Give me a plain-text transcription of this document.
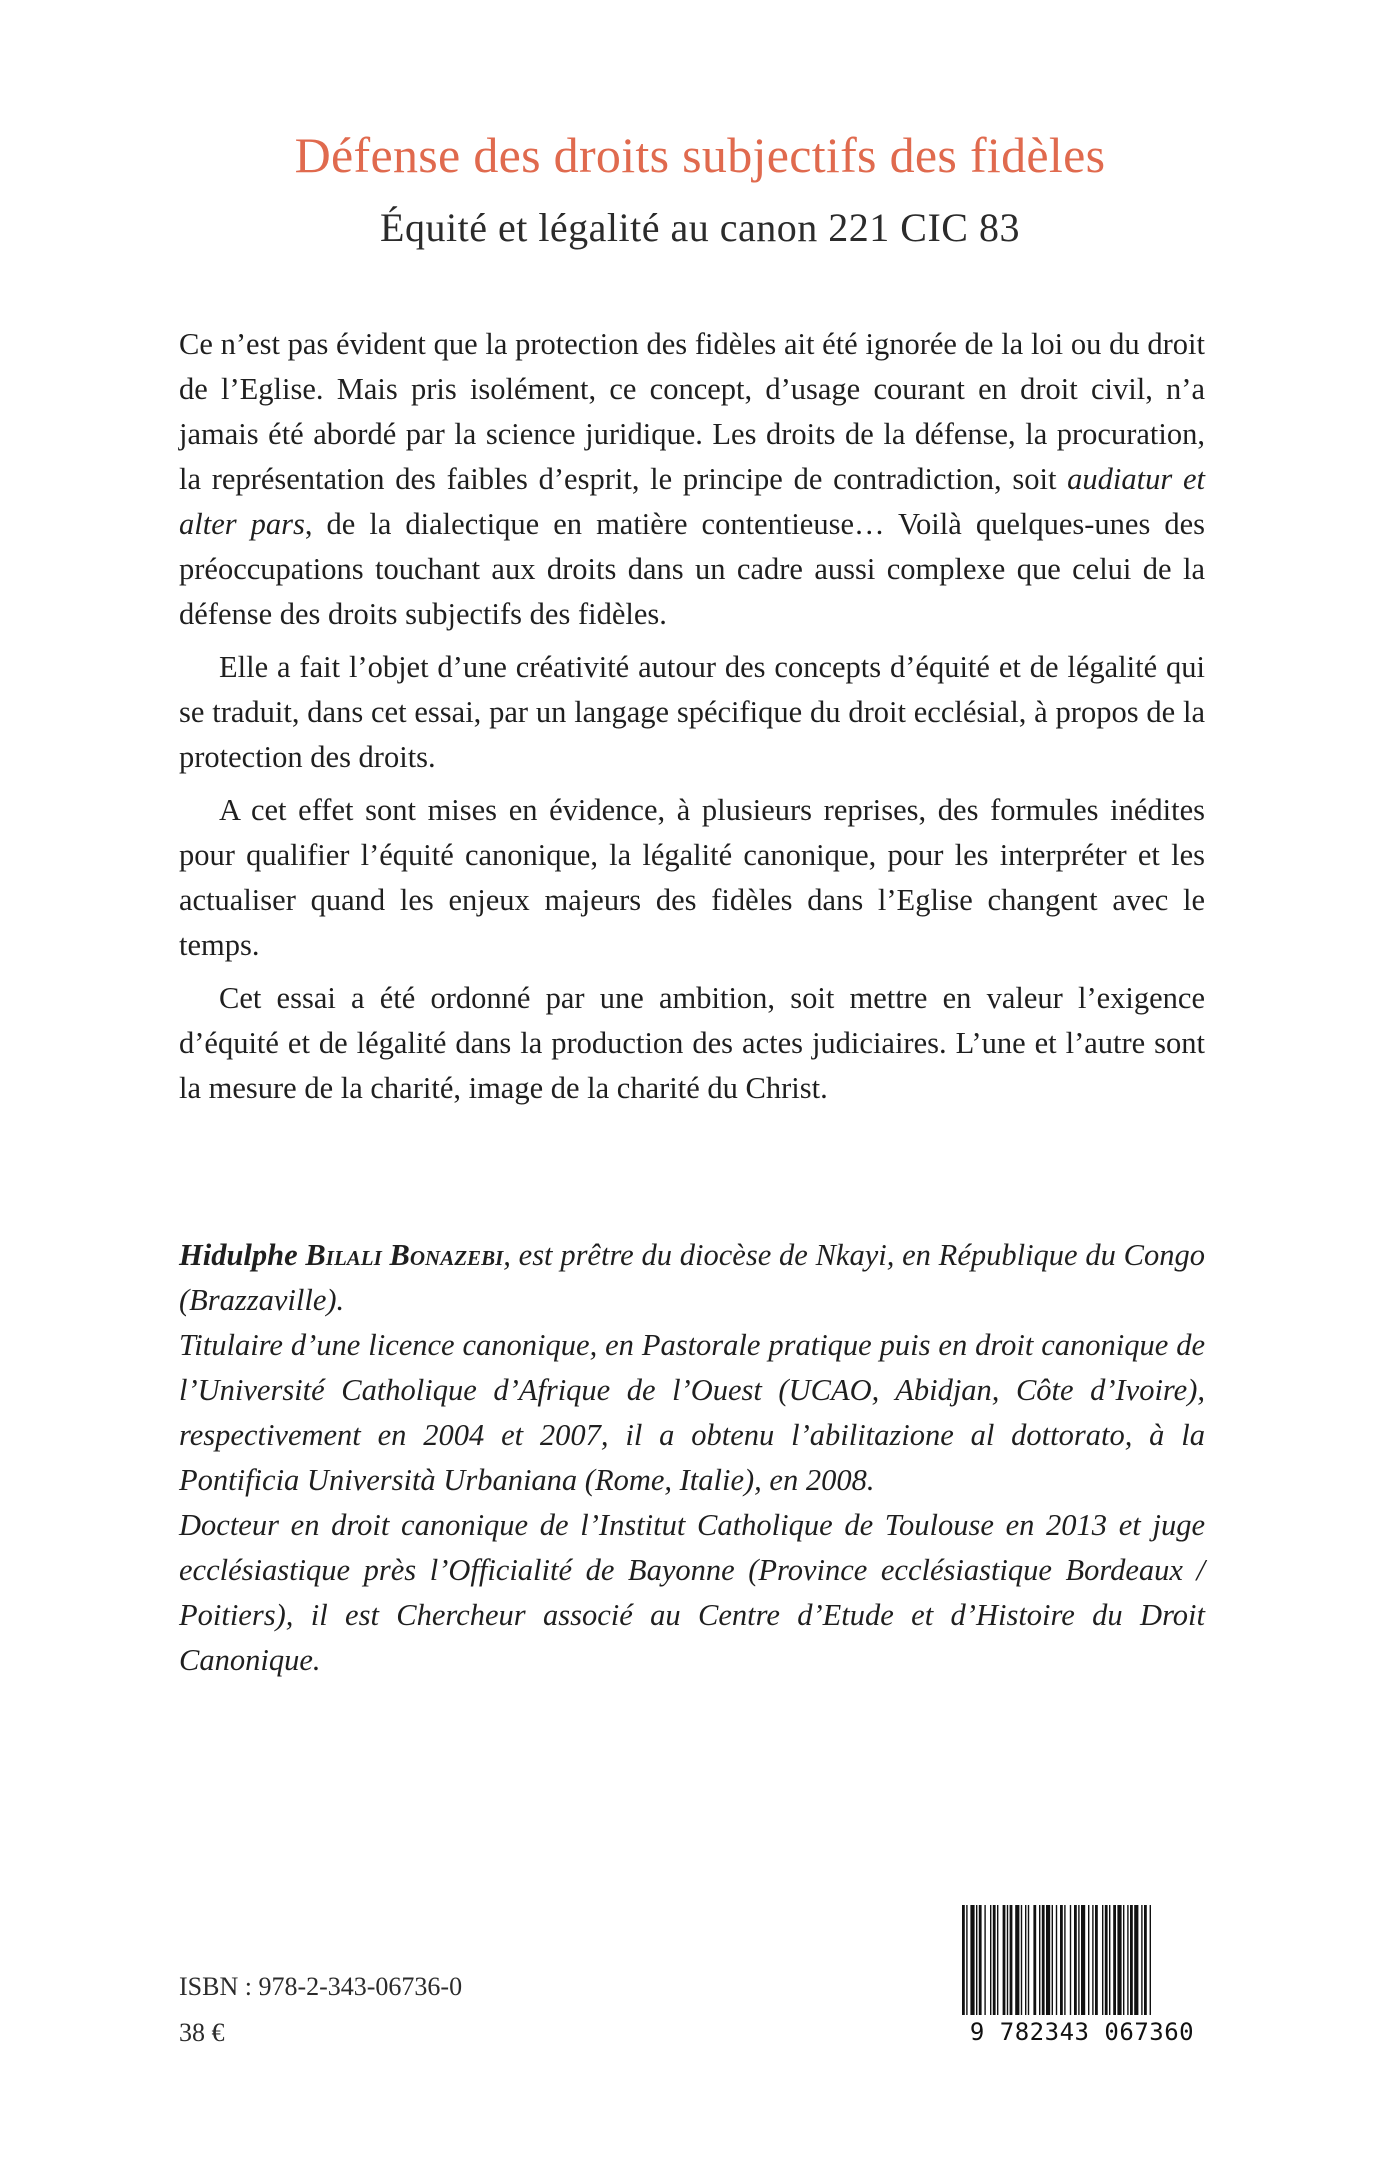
Défense des droits subjectifs des fidèles
Équité et légalité au canon 221 CIC 83

Ce n’est pas évident que la protection des fidèles ait été ignorée de la loi ou du droit de l’Eglise. Mais pris isolément, ce concept, d’usage courant en droit civil, n’a jamais été abordé par la science juridique. Les droits de la défense, la procuration, la représentation des faibles d’esprit, le principe de contradiction, soit audiatur et alter pars, de la dialectique en matière contentieuse… Voilà quelques-unes des préoccupations touchant aux droits dans un cadre aussi complexe que celui de la défense des droits subjectifs des fidèles.

Elle a fait l’objet d’une créativité autour des concepts d’équité et de légalité qui se traduit, dans cet essai, par un langage spécifique du droit ecclésial, à propos de la protection des droits.

A cet effet sont mises en évidence, à plusieurs reprises, des formules inédites pour qualifier l’équité canonique, la légalité canonique, pour les interpréter et les actualiser quand les enjeux majeurs des fidèles dans l’Eglise changent avec le temps.

Cet essai a été ordonné par une ambition, soit mettre en valeur l’exigence d’équité et de légalité dans la production des actes judiciaires. L’une et l’autre sont la mesure de la charité, image de la charité du Christ.

Hidulphe Bilali Bonazebi, est prêtre du diocèse de Nkayi, en République du Congo (Brazzaville).

Titulaire d’une licence canonique, en Pastorale pratique puis en droit canonique de l’Université Catholique d’Afrique de l’Ouest (UCAO, Abidjan, Côte d’Ivoire), respectivement en 2004 et 2007, il a obtenu l’abilitazione al dottorato, à la Pontificia Università Urbaniana (Rome, Italie), en 2008.

Docteur en droit canonique de l’Institut Catholique de Toulouse en 2013 et juge ecclésiastique près l’Officialité de Bayonne (Province ecclésiastique Bordeaux / Poitiers), il est Chercheur associé au Centre d’Etude et d’Histoire du Droit Canonique.

ISBN : 978-2-343-06736-0
38 €	9 782343 067360
